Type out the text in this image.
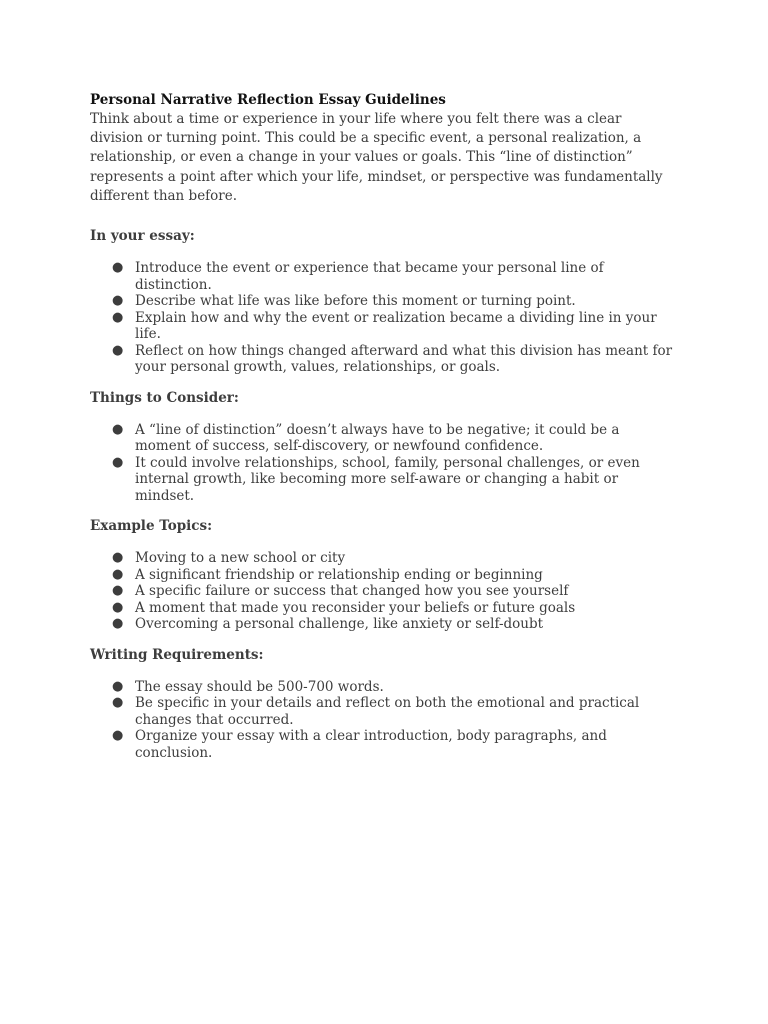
Personal Narrative Reflection Essay Guidelines

Think about a time or experience in your life where you felt there was a clear division or turning point. This could be a specific event, a personal realization, a relationship, or even a change in your values or goals. This “line of distinction” represents a point after which your life, mindset, or perspective was fundamentally different than before.

In your essay:

● Introduce the event or experience that became your personal line of distinction.
● Describe what life was like before this moment or turning point.
● Explain how and why the event or realization became a dividing line in your life.
● Reflect on how things changed afterward and what this division has meant for your personal growth, values, relationships, or goals.

Things to Consider:

● A “line of distinction” doesn’t always have to be negative; it could be a moment of success, self-discovery, or newfound confidence.
● It could involve relationships, school, family, personal challenges, or even internal growth, like becoming more self-aware or changing a habit or mindset.

Example Topics:

● Moving to a new school or city
● A significant friendship or relationship ending or beginning
● A specific failure or success that changed how you see yourself
● A moment that made you reconsider your beliefs or future goals
● Overcoming a personal challenge, like anxiety or self-doubt

Writing Requirements:

● The essay should be 500-700 words.
● Be specific in your details and reflect on both the emotional and practical changes that occurred.
● Organize your essay with a clear introduction, body paragraphs, and conclusion.
